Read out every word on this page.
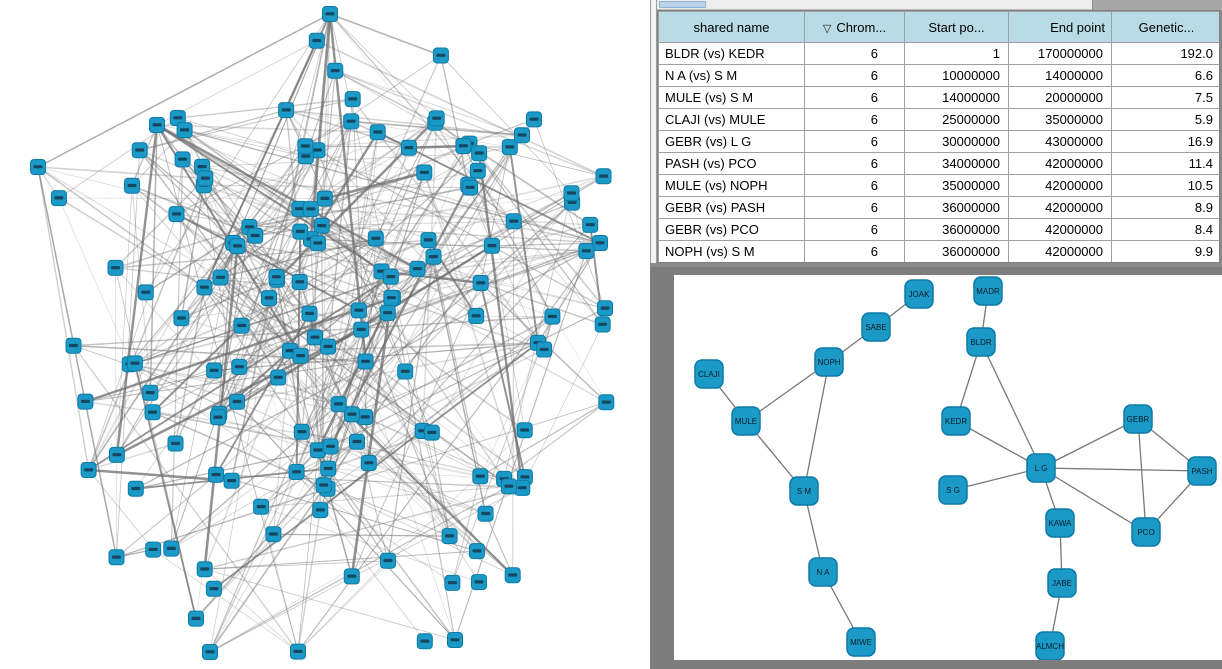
shared name	▽ Chrom...	Start po...	End point	Genetic...
BLDR (vs) KEDR	6	1	170000000	192.0
N A (vs) S M	6	10000000	14000000	6.6
MULE (vs) S M	6	14000000	20000000	7.5
CLAJI (vs) MULE	6	25000000	35000000	5.9
GEBR (vs) L G	6	30000000	43000000	16.9
PASH (vs) PCO	6	34000000	42000000	11.4
MULE (vs) NOPH	6	35000000	42000000	10.5
GEBR (vs) PASH	6	36000000	42000000	8.9
GEBR (vs) PCO	6	36000000	42000000	8.4
NOPH (vs) S M	6	36000000	42000000	9.9
JOAK
SABE
NOPH
CLAJI
MULE
S M
N A
MIWE
MADR
BLDR
KEDR
S G
L G
KAWA
GEBR
PASH
PCO
JABE
ALMCH
